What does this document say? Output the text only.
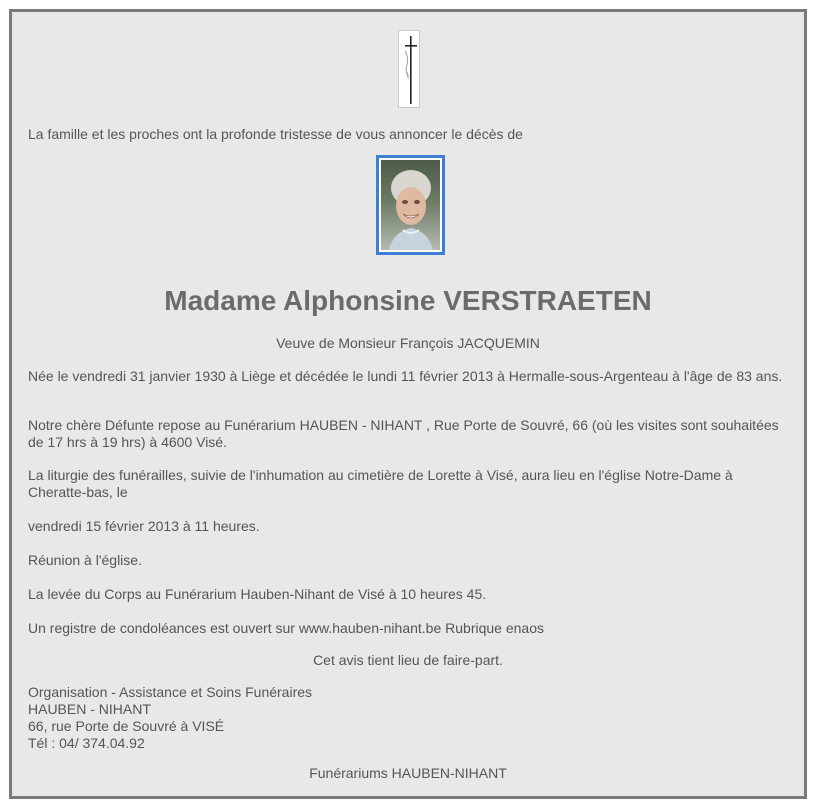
La famille et les proches ont la profonde tristesse de vous annoncer le décès de
Madame Alphonsine VERSTRAETEN
Veuve de Monsieur François JACQUEMIN
Née le vendredi 31 janvier 1930 à Liège et décédée le lundi 11 février 2013 à Hermalle-sous-Argenteau à l'âge de 83 ans.
Notre chère Défunte repose au Funérarium HAUBEN - NIHANT , Rue Porte de Souvré, 66 (où les visites sont souhaitées de 17 hrs à 19 hrs) à 4600 Visé.
La liturgie des funérailles, suivie de l'inhumation au cimetière de Lorette à Visé, aura lieu en l'église Notre-Dame à Cheratte-bas, le
vendredi 15 février 2013 à 11 heures.
Réunion à l'église.
La levée du Corps au Funérarium Hauben-Nihant de Visé à 10 heures 45.
Un registre de condoléances est ouvert sur www.hauben-nihant.be Rubrique enaos
Cet avis tient lieu de faire-part.
Organisation - Assistance et Soins Funéraires
HAUBEN - NIHANT
66, rue Porte de Souvré à VISÉ
Tél : 04/ 374.04.92
Funérariums HAUBEN-NIHANT
